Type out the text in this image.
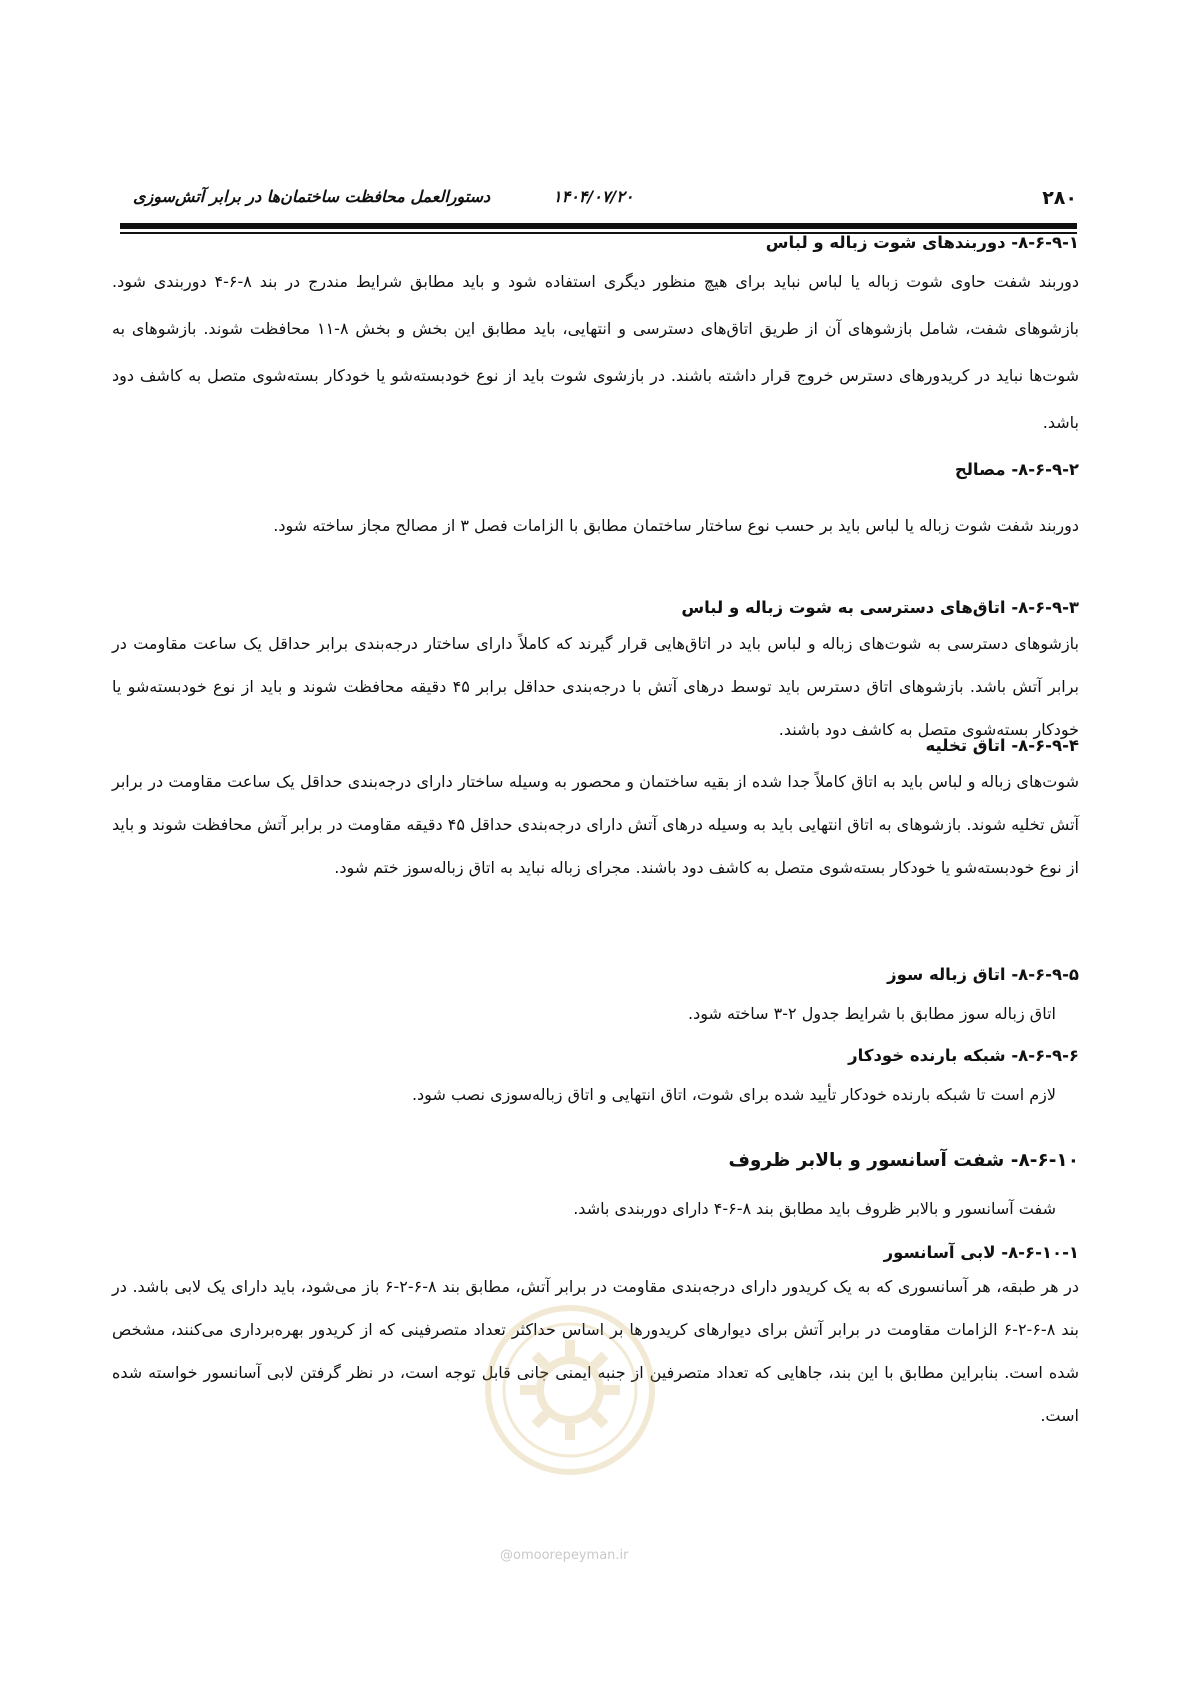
۲۸۰
۱۴۰۴/۰۷/۲۰
دستورالعمل محافظت ساختمان‌ها در برابر آتش‌سوزی
۸-۶-۹-۱- دوربندهای شوت زباله و لباس
دوربند شفت حاوی شوت زباله یا لباس نباید برای هیچ منظور دیگری استفاده شود و باید مطابق شرایط مندرج در بند ۸-۶-۴ دوربندی شود. بازشوهای شفت، شامل بازشوهای آن از طریق اتاق‌های دسترسی و انتهایی، باید مطابق این بخش و بخش ۸-۱۱ محافظت شوند. بازشوهای به شوت‌ها نباید در کریدورهای دسترس خروج قرار داشته باشند. در بازشوی شوت باید از نوع خودبسته‌شو یا خودکار بسته‌شوی متصل به کاشف دود باشد.
۸-۶-۹-۲- مصالح
دوربند شفت شوت زباله یا لباس باید بر حسب نوع ساختار ساختمان مطابق با الزامات فصل ۳ از مصالح مجاز ساخته شود.
۸-۶-۹-۳- اتاق‌های دسترسی به شوت زباله و لباس
بازشوهای دسترسی به شوت‌های زباله و لباس باید در اتاق‌هایی قرار گیرند که کاملاً دارای ساختار درجه‌بندی برابر حداقل یک ساعت مقاومت در برابر آتش باشد. بازشوهای اتاق دسترس باید توسط درهای آتش با درجه‌بندی حداقل برابر ۴۵ دقیقه محافظت شوند و باید از نوع خودبسته‌شو یا خودکار بسته‌شوی متصل به کاشف دود باشند.
۸-۶-۹-۴- اتاق تخلیه
شوت‌های زباله و لباس باید به اتاق کاملاً جدا شده از بقیه ساختمان و محصور به وسیله ساختار دارای درجه‌بندی حداقل یک ساعت مقاومت در برابر آتش تخلیه شوند. بازشوهای به اتاق انتهایی باید به وسیله درهای آتش دارای درجه‌بندی حداقل ۴۵ دقیقه مقاومت در برابر آتش محافظت شوند و باید از نوع خودبسته‌شو یا خودکار بسته‌شوی متصل به کاشف دود باشند. مجرای زباله نباید به اتاق زباله‌سوز ختم شود.
۸-۶-۹-۵- اتاق زباله سوز
اتاق زباله سوز مطابق با شرایط جدول ۲-۳ ساخته شود.
۸-۶-۹-۶- شبکه بارنده خودکار
لازم است تا شبکه بارنده خودکار تأیید شده برای شوت، اتاق انتهایی و اتاق زباله‌سوزی نصب شود.
۸-۶-۱۰- شفت آسانسور و بالابر ظروف
شفت آسانسور و بالابر ظروف باید مطابق بند ۸-۶-۴ دارای دوربندی باشد.
۸-۶-۱۰-۱- لابی آسانسور
در هر طبقه، هر آسانسوری که به یک کریدور دارای درجه‌بندی مقاومت در برابر آتش، مطابق بند ۸-۶-۲-۶ باز می‌شود، باید دارای یک لابی باشد. در بند ۸-۶-۲-۶ الزامات مقاومت در برابر آتش برای دیوارهای کریدورها بر اساس حداکثر تعداد متصرفینی که از کریدور بهره‌برداری می‌کنند، مشخص شده است. بنابراین مطابق با این بند، جاهایی که تعداد متصرفین از جنبه ایمنی جانی قابل توجه است، در نظر گرفتن لابی آسانسور خواسته شده است.
@omoorepeyman.ir
